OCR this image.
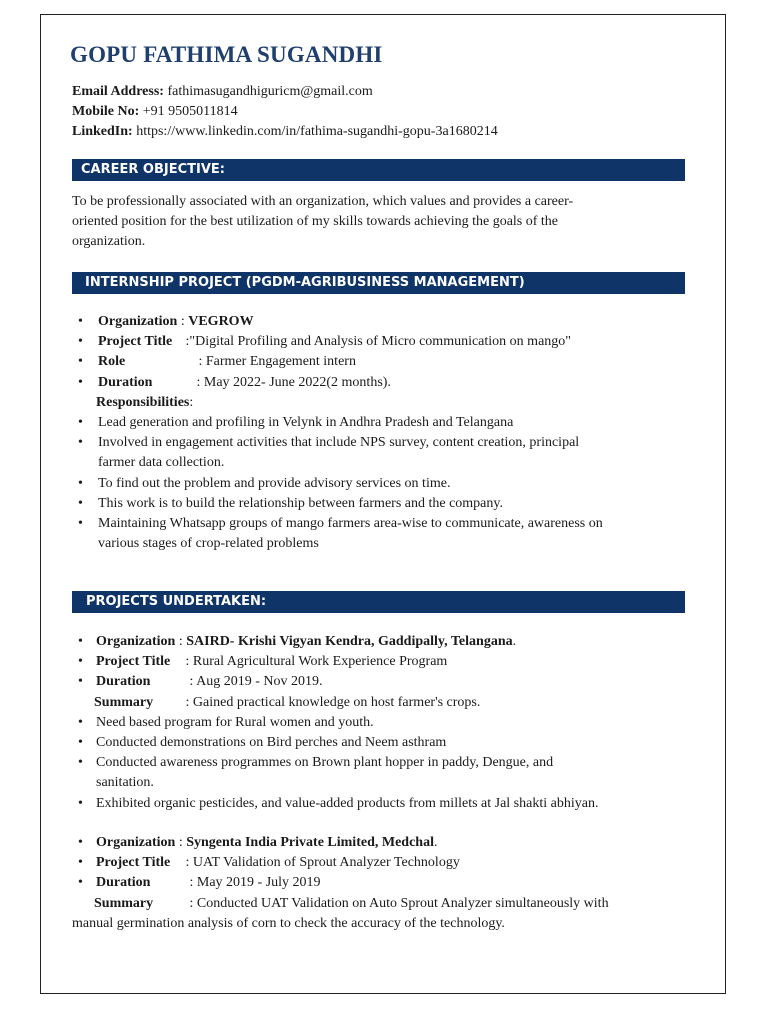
GOPU FATHIMA SUGANDHI
Email Address: fathimasugandhiguricm@gmail.com
Mobile No: +91 9505011814
LinkedIn: https://www.linkedin.com/in/fathima-sugandhi-gopu-3a1680214
CAREER OBJECTIVE:
To be professionally associated with an organization, which values and provides a career-
oriented position for the best utilization of my skills towards achieving the goals of the
organization.
INTERNSHIP PROJECT (PGDM-AGRIBUSINESS MANAGEMENT)
• Organization : VEGROW
• Project Title :"Digital Profiling and Analysis of Micro communication on mango"
• Role	: Farmer Engagement intern
• Duration	: May 2022- June 2022(2 months).
Responsibilities:
• Lead generation and profiling in Velynk in Andhra Pradesh and Telangana
• Involved in engagement activities that include NPS survey, content creation, principal
farmer data collection.
• To find out the problem and provide advisory services on time.
• This work is to build the relationship between farmers and the company.
• Maintaining Whatsapp groups of mango farmers area-wise to communicate, awareness on
various stages of crop-related problems
PROJECTS UNDERTAKEN:
• Organization : SAIRD- Krishi Vigyan Kendra, Gaddipally, Telangana.
• Project Title : Rural Agricultural Work Experience Program
• Duration	: Aug 2019 - Nov 2019.
Summary : Gained practical knowledge on host farmer's crops.
• Need based program for Rural women and youth.
• Conducted demonstrations on Bird perches and Neem asthram
• Conducted awareness programmes on Brown plant hopper in paddy, Dengue, and
sanitation.
• Exhibited organic pesticides, and value-added products from millets at Jal shakti abhiyan.
• Organization : Syngenta India Private Limited, Medchal.
• Project Title : UAT Validation of Sprout Analyzer Technology
• Duration	: May 2019 - July 2019
Summary : Conducted UAT Validation on Auto Sprout Analyzer simultaneously with
manual germination analysis of corn to check the accuracy of the technology.
